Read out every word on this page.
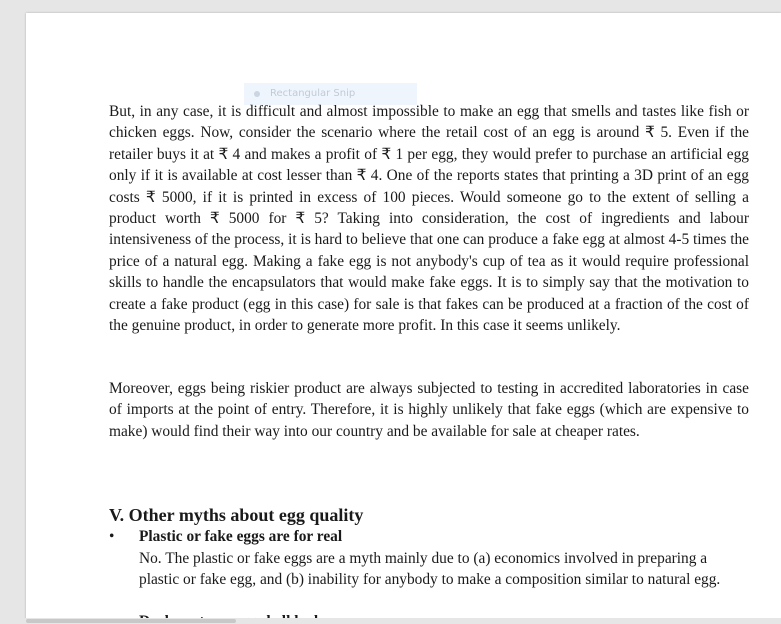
Rectangular Snip

But, in any case, it is difficult and almost impossible to make an egg that smells and tastes like fish or chicken eggs. Now, consider the scenario where the retail cost of an egg is around ₹ 5. Even if the retailer buys it at ₹ 4 and makes a profit of ₹ 1 per egg, they would prefer to purchase an artificial egg only if it is available at cost lesser than ₹ 4. One of the reports states that printing a 3D print of an egg costs ₹ 5000, if it is printed in excess of 100 pieces. Would someone go to the extent of selling a product worth ₹ 5000 for ₹ 5? Taking into consideration, the cost of ingredients and labour intensiveness of the process, it is hard to believe that one can produce a fake egg at almost 4-5 times the price of a natural egg. Making a fake egg is not anybody's cup of tea as it would require professional skills to handle the encapsulators that would make fake eggs. It is to simply say that the motivation to create a fake product (egg in this case) for sale is that fakes can be produced at a fraction of the cost of the genuine product, in order to generate more profit. In this case it seems unlikely.

Moreover, eggs being riskier product are always subjected to testing in accredited laboratories in case of imports at the point of entry. Therefore, it is highly unlikely that fake eggs (which are expensive to make) would find their way into our country and be available for sale at cheaper rates.

V. Other myths about egg quality
• Plastic or fake eggs are for real

No. The plastic or fake eggs are a myth mainly due to (a) economics involved in preparing a plastic or fake egg, and (b) inability for anybody to make a composition similar to natural egg.
